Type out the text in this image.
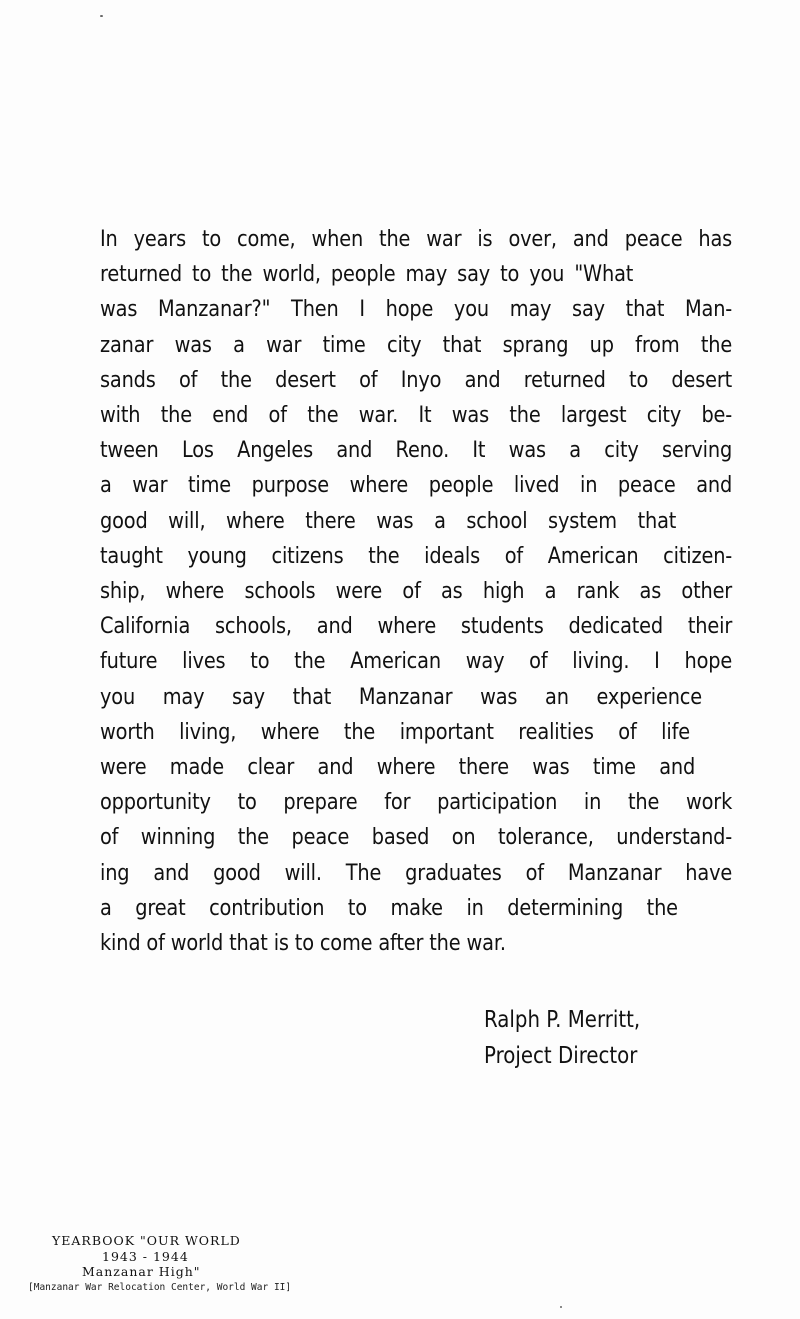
In years to come, when the war is over, and peace has
returned to the world, people may say to you "What
was Manzanar?" Then I hope you may say that Man-
zanar was a war time city that sprang up from the
sands of the desert of Inyo and returned to desert
with the end of the war. It was the largest city be-
tween Los Angeles and Reno. It was a city serving
a war time purpose where people lived in peace and
good will, where there was a school system that
taught young citizens the ideals of American citizen-
ship, where schools were of as high a rank as other
California schools, and where students dedicated their
future lives to the American way of living. I hope
you may say that Manzanar was an experience
worth living, where the important realities of life
were made clear and where there was time and
opportunity to prepare for participation in the work
of winning the peace based on tolerance, understand-
ing and good will. The graduates of Manzanar have
a great contribution to make in determining the
kind of world that is to come after the war.
Ralph P. Merritt,
Project Director
YEARBOOK "OUR WORLD
1943 - 1944
Manzanar High"
[Manzanar War Relocation Center, World War II]
